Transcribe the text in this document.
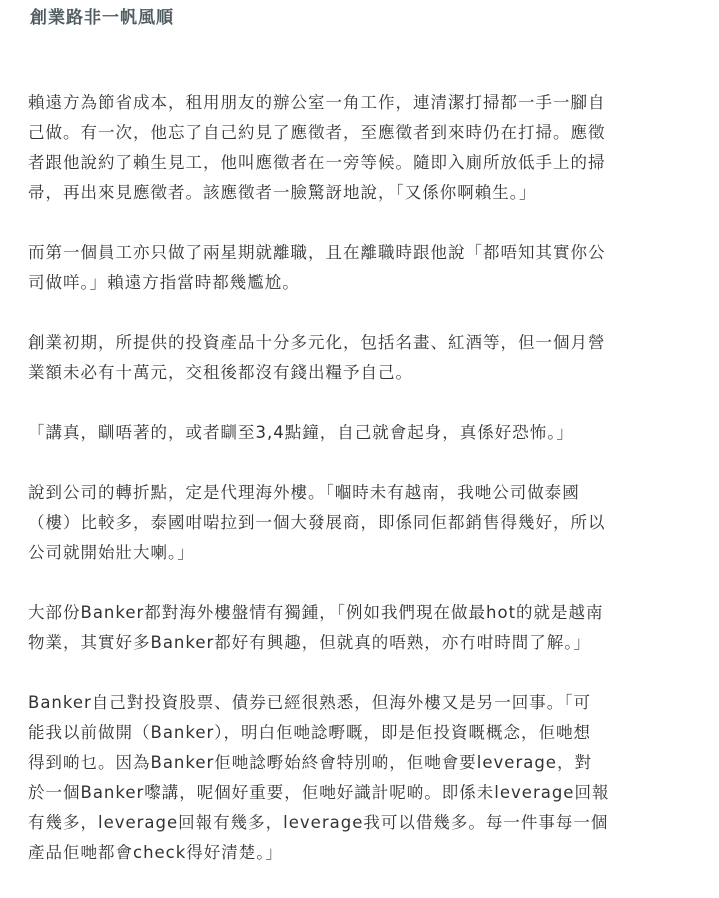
創業路非一帆風順

賴遠方為節省成本，租用朋友的辦公室一角工作，連清潔打掃都一手一腳自
己做。有一次，他忘了自己約見了應徵者，至應徵者到來時仍在打掃。應徵
者跟他說約了賴生見工，他叫應徵者在一旁等候。隨即入廁所放低手上的掃
帚，再出來見應徵者。該應徵者一臉驚訝地說，「又係你啊賴生。」

而第一個員工亦只做了兩星期就離職，且在離職時跟他說「都唔知其實你公
司做咩。」賴遠方指當時都幾尷尬。

創業初期，所提供的投資產品十分多元化，包括名畫、紅酒等，但一個月營
業額未必有十萬元，交租後都沒有錢出糧予自己。

「講真，瞓唔著的，或者瞓至3,4點鐘，自己就會起身，真係好恐怖。」

說到公司的轉折點，定是代理海外樓。「嗰時未有越南，我哋公司做泰國
（樓）比較多，泰國咁啱拉到一個大發展商，即係同佢都銷售得幾好，所以
公司就開始壯大喇。」

大部份Banker都對海外樓盤情有獨鍾，「例如我們現在做最hot的就是越南
物業，其實好多Banker都好有興趣，但就真的唔熟，亦冇咁時間了解。」

Banker自己對投資股票、債券已經很熟悉，但海外樓又是另一回事。「可
能我以前做開（Banker），明白佢哋諗嘢嘅，即是佢投資嘅概念，佢哋想
得到啲乜。因為Banker佢哋諗嘢始終會特別啲，佢哋會要leverage，對
於一個Banker嚟講，呢個好重要，佢哋好識計呢啲。即係未leverage回報
有幾多，leverage回報有幾多，leverage我可以借幾多。每一件事每一個
產品佢哋都會check得好清楚。」
